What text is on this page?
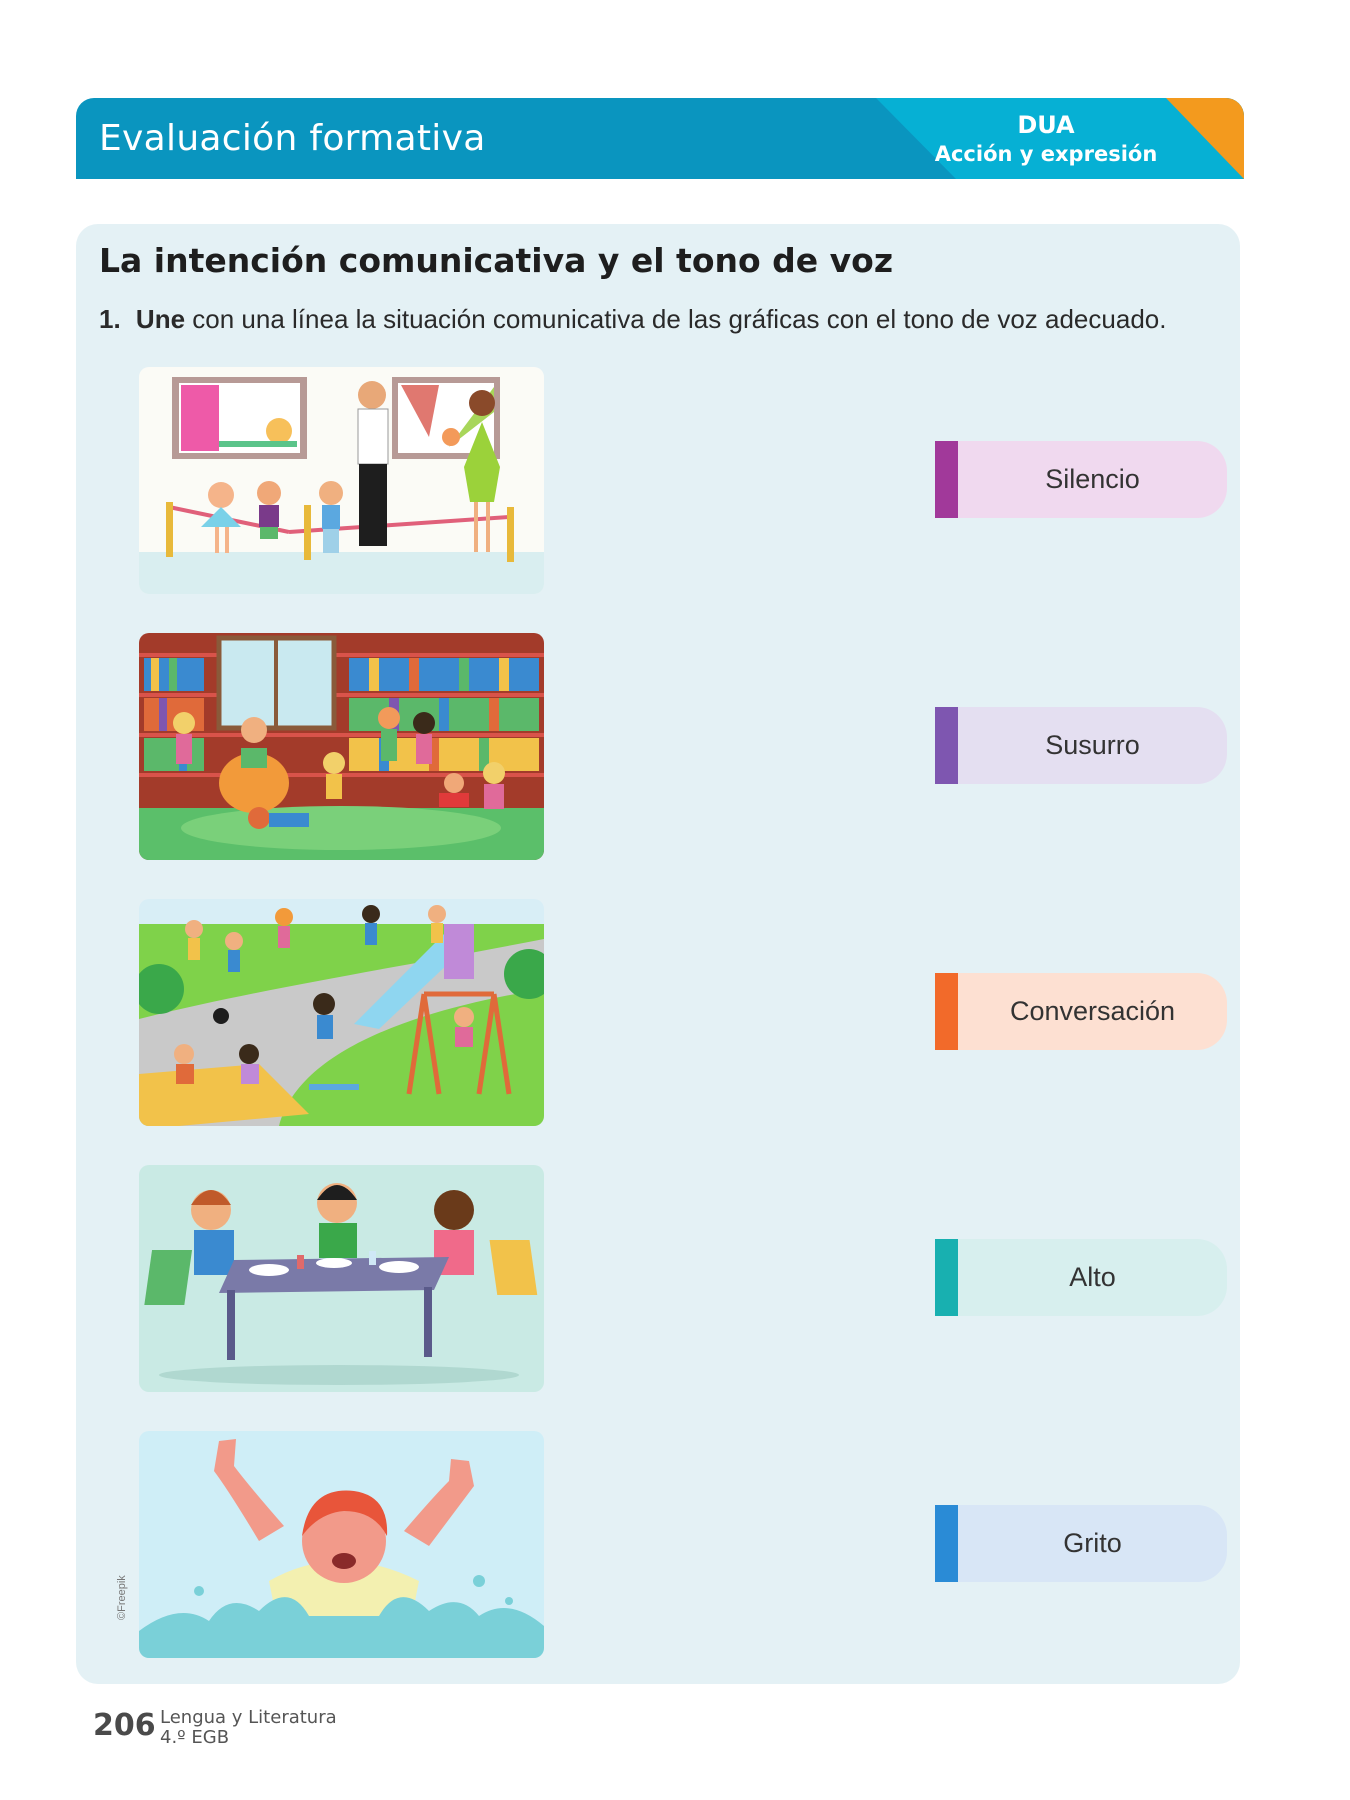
Evaluación formativa	DUA
Acción y expresión
La intención comunicativa y el tono de voz
1. Une con una línea la situación comunicativa de las gráficas con el tono de voz adecuado.
©Freepik
Silencio
Susurro
Conversación
Alto
Grito
206 Lengua y Literatura
4.º EGB
